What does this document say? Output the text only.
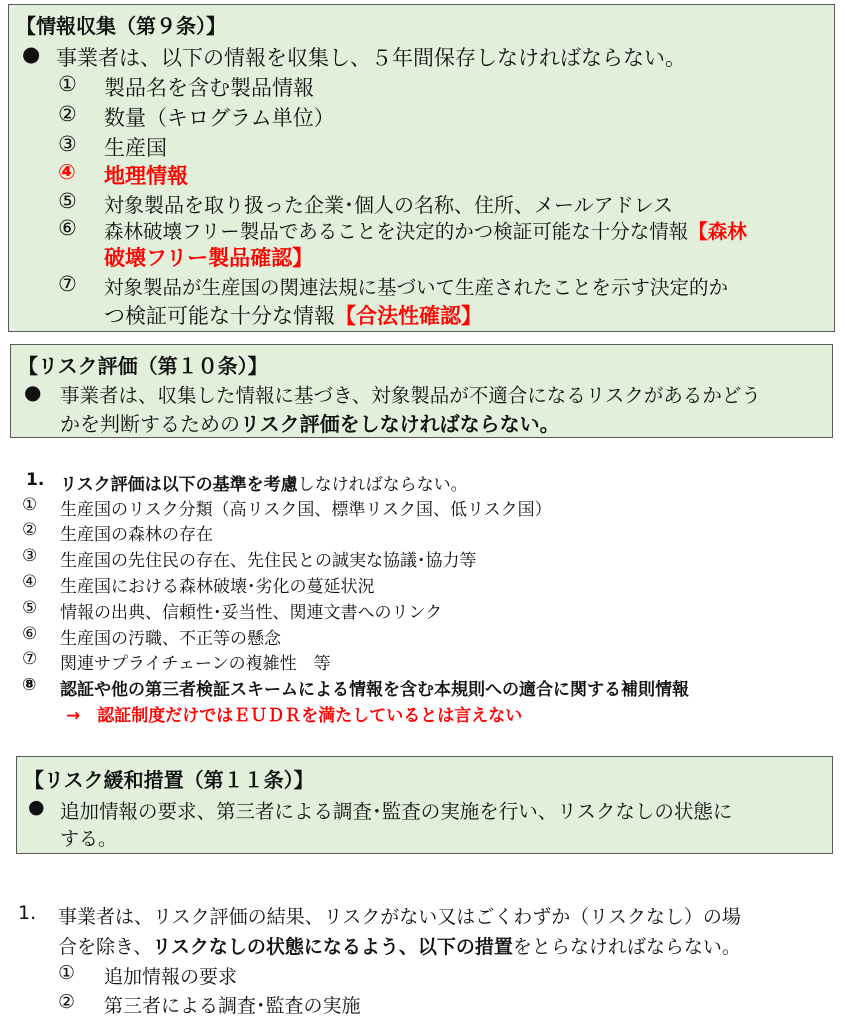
【情報収集（第９条）】
● 事業者は、以下の情報を収集し、５年間保存しなければならない。
① 製品名を含む製品情報
② 数量（キログラム単位）
③ 生産国
④ 地理情報
⑤ 対象製品を取り扱った企業･個人の名称、住所、メールアドレス
⑥ 森林破壊フリー製品であることを決定的かつ検証可能な十分な情報【森林
破壊フリー製品確認】
⑦ 対象製品が生産国の関連法規に基づいて生産されたことを示す決定的か
つ検証可能な十分な情報【合法性確認】
【リスク評価（第１０条）】
● 事業者は、収集した情報に基づき、対象製品が不適合になるリスクがあるかどう
かを判断するためのリスク評価をしなければならない。
1. リスク評価は以下の基準を考慮しなければならない。
① 生産国のリスク分類（高リスク国、標準リスク国、低リスク国）
② 生産国の森林の存在
③ 生産国の先住民の存在、先住民との誠実な協議･協力等
④ 生産国における森林破壊･劣化の蔓延状況
⑤ 情報の出典、信頼性･妥当性、関連文書へのリンク
⑥ 生産国の汚職、不正等の懸念
⑦ 関連サプライチェーンの複雑性　等
⑧ 認証や他の第三者検証スキームによる情報を含む本規則への適合に関する補則情報
→　認証制度だけではＥＵＤＲを満たしているとは言えない
【リスク緩和措置（第１１条）】
● 追加情報の要求、第三者による調査･監査の実施を行い、リスクなしの状態に
する。
1. 事業者は、リスク評価の結果、リスクがない又はごくわずか（リスクなし）の場
合を除き、リスクなしの状態になるよう、以下の措置をとらなければならない。
① 追加情報の要求
② 第三者による調査･監査の実施
